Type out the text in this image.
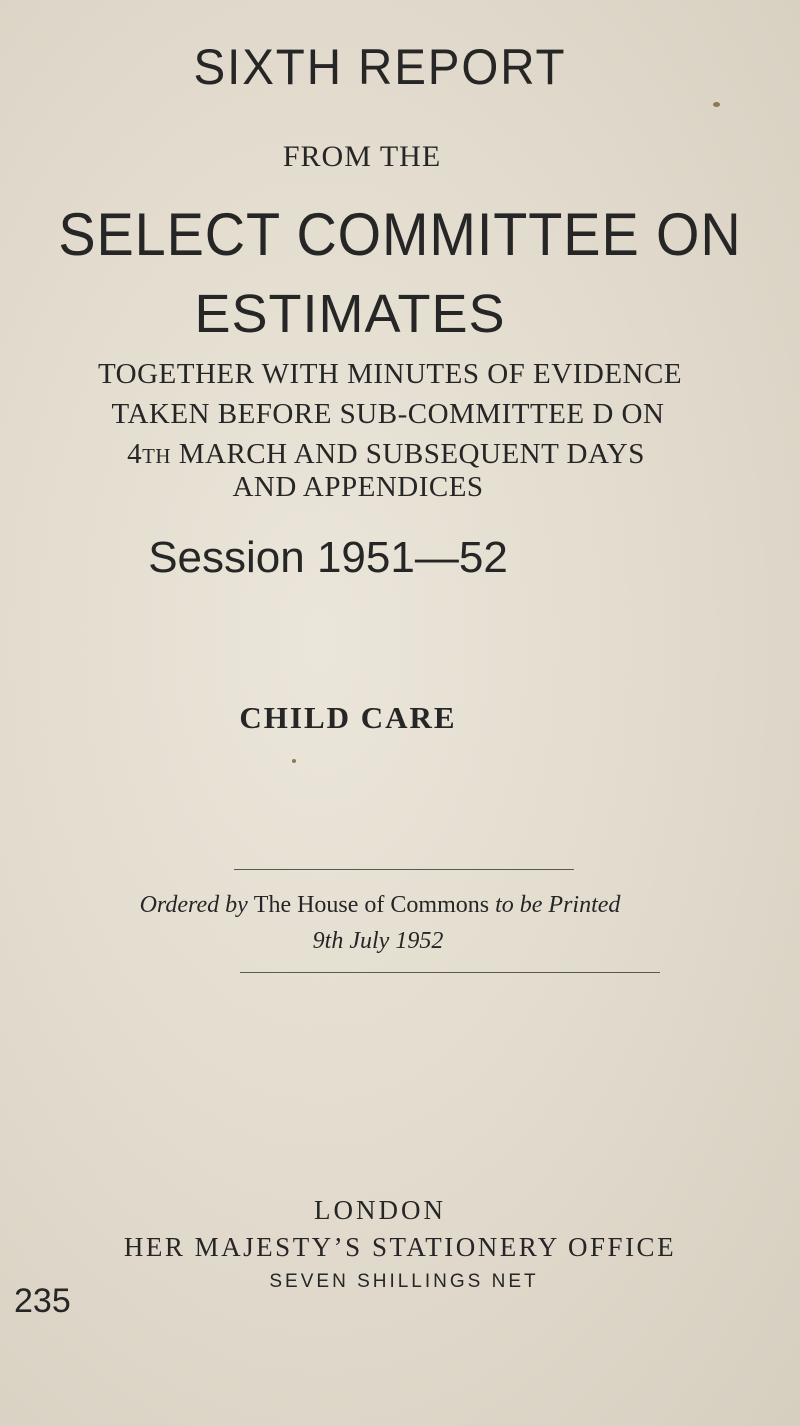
SIXTH REPORT
FROM THE
SELECT COMMITTEE ON
ESTIMATES
TOGETHER WITH MINUTES OF EVIDENCE
TAKEN BEFORE SUB-COMMITTEE D ON
4TH MARCH AND SUBSEQUENT DAYS
AND APPENDICES
Session 1951—52
CHILD CARE
Ordered by The House of Commons to be Printed
9th July 1952
LONDON
HER MAJESTY’S STATIONERY OFFICE
SEVEN SHILLINGS NET
235
